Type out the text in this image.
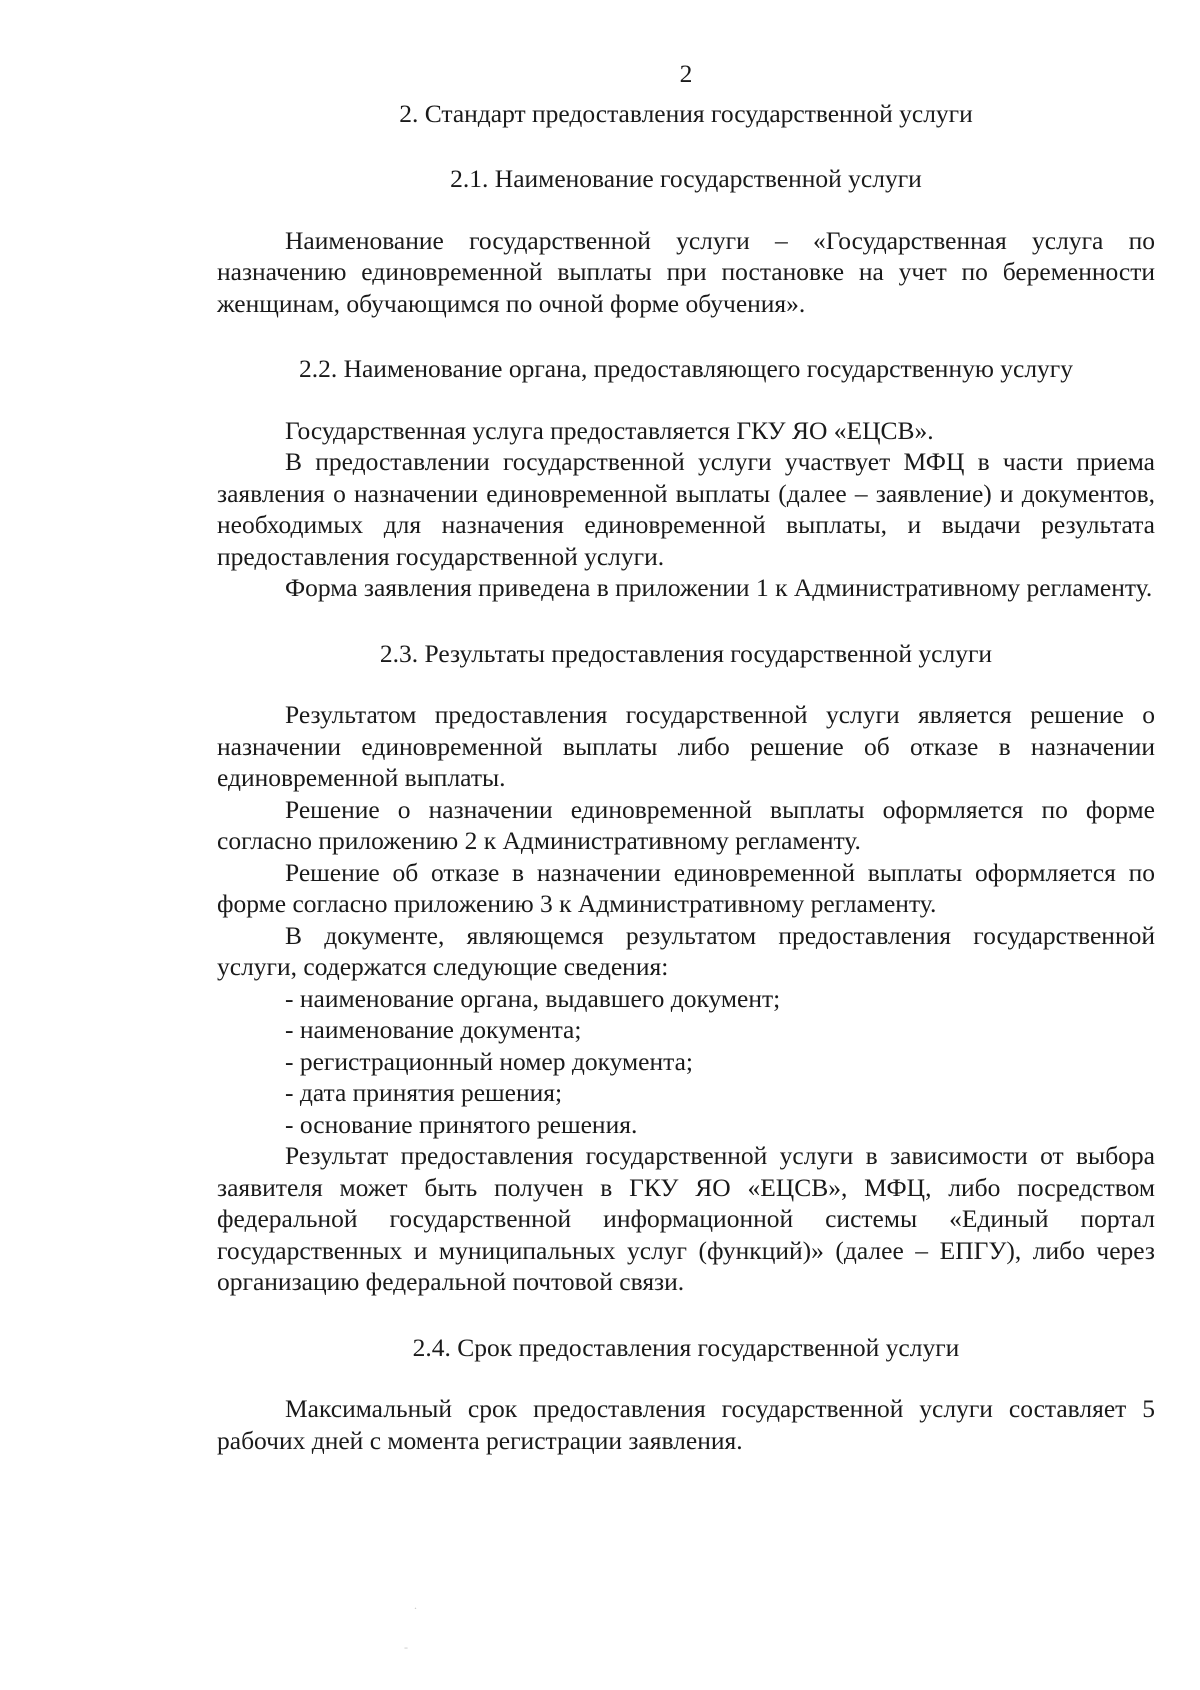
2

2. Стандарт предоставления государственной услуги

2.1. Наименование государственной услуги

Наименование государственной услуги – «Государственная услуга по назначению единовременной выплаты при постановке на учет по беременности женщинам, обучающимся по очной форме обучения».

2.2. Наименование органа, предоставляющего государственную услугу

Государственная услуга предоставляется ГКУ ЯО «ЕЦСВ».

В предоставлении государственной услуги участвует МФЦ в части приема заявления о назначении единовременной выплаты (далее – заявление) и документов, необходимых для назначения единовременной выплаты, и выдачи результата предоставления государственной услуги.

Форма заявления приведена в приложении 1 к Административному регламенту.

2.3. Результаты предоставления государственной услуги

Результатом предоставления государственной услуги является решение о назначении единовременной выплаты либо решение об отказе в назначении единовременной выплаты.

Решение о назначении единовременной выплаты оформляется по форме согласно приложению 2 к Административному регламенту.

Решение об отказе в назначении единовременной выплаты оформляется по форме согласно приложению 3 к Административному регламенту.

В документе, являющемся результатом предоставления государственной услуги, содержатся следующие сведения:

- наименование органа, выдавшего документ;

- наименование документа;

- регистрационный номер документа;

- дата принятия решения;

- основание принятого решения.

Результат предоставления государственной услуги в зависимости от выбора заявителя может быть получен в ГКУ ЯО «ЕЦСВ», МФЦ, либо посредством федеральной государственной информационной системы «Единый портал государственных и муниципальных услуг (функций)» (далее – ЕПГУ), либо через организацию федеральной почтовой связи.

2.4. Срок предоставления государственной услуги

Максимальный срок предоставления государственной услуги составляет 5 рабочих дней с момента регистрации заявления.

.
-
